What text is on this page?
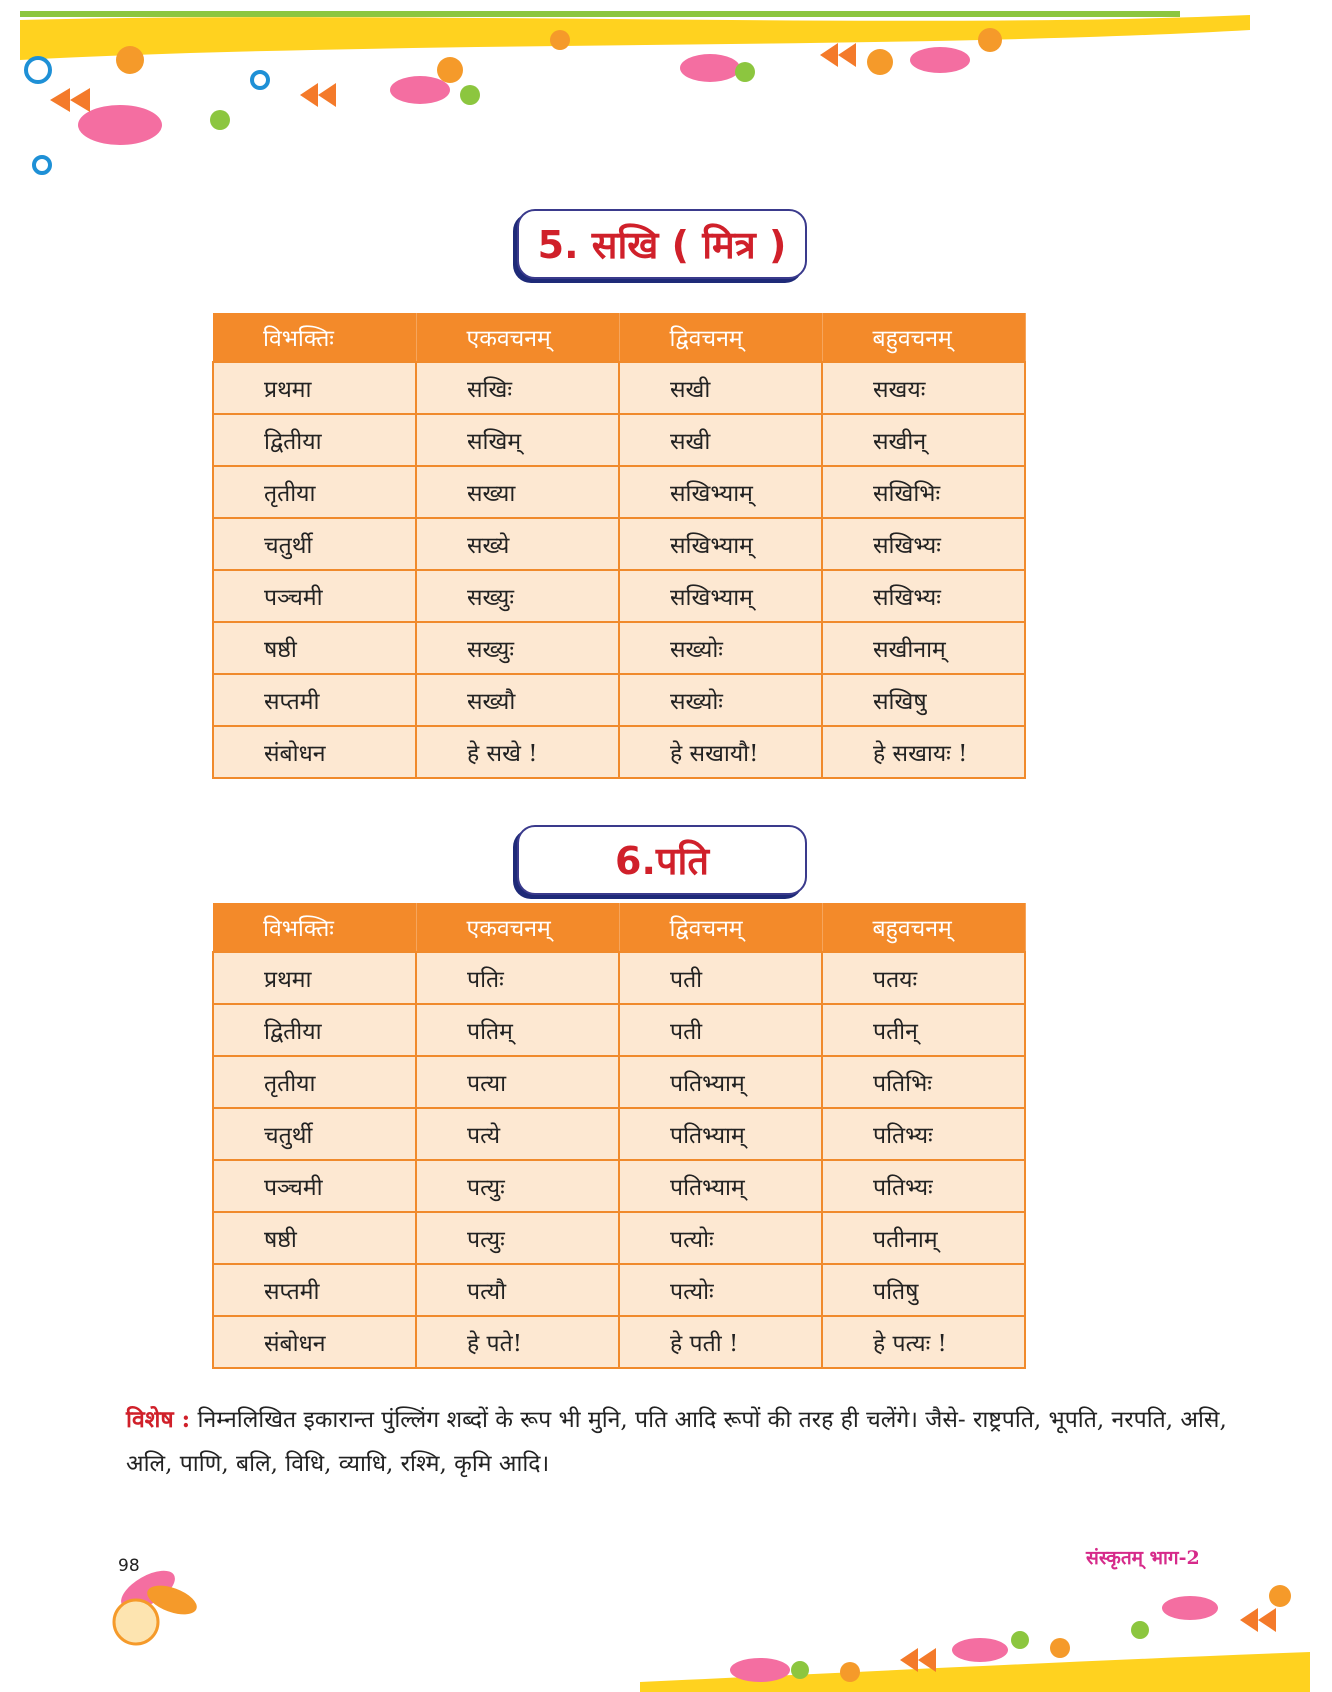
5. सखि ( मित्र )
विभक्तिः	एकवचनम्	द्विवचनम्	बहुवचनम्
प्रथमा	सखिः	सखी	सखयः
द्वितीया	सखिम्	सखी	सखीन्
तृतीया	सख्या	सखिभ्याम्	सखिभिः
चतुर्थी	सख्ये	सखिभ्याम्	सखिभ्यः
पञ्चमी	सख्युः	सखिभ्याम्	सखिभ्यः
षष्ठी	सख्युः	सख्योः	सखीनाम्
सप्तमी	सख्यौ	सख्योः	सखिषु
संबोधन	हे सखे !	हे सखायौ!	हे सखायः !
6.पति
विभक्तिः	एकवचनम्	द्विवचनम्	बहुवचनम्
प्रथमा	पतिः	पती	पतयः
द्वितीया	पतिम्	पती	पतीन्
तृतीया	पत्या	पतिभ्याम्	पतिभिः
चतुर्थी	पत्ये	पतिभ्याम्	पतिभ्यः
पञ्चमी	पत्युः	पतिभ्याम्	पतिभ्यः
षष्ठी	पत्युः	पत्योः	पतीनाम्
सप्तमी	पत्यौ	पत्योः	पतिषु
संबोधन	हे पते!	हे पती !	हे पत्यः !
विशेष : निम्नलिखित इकारान्त पुंल्लिंग शब्दों के रूप भी मुनि, पति आदि रूपों की तरह ही चलेंगे। जैसे- राष्ट्रपति, भूपति, नरपति, असि, अलि, पाणि, बलि, विधि, व्याधि, रश्मि, कृमि आदि।
98	संस्कृतम् भाग-2
